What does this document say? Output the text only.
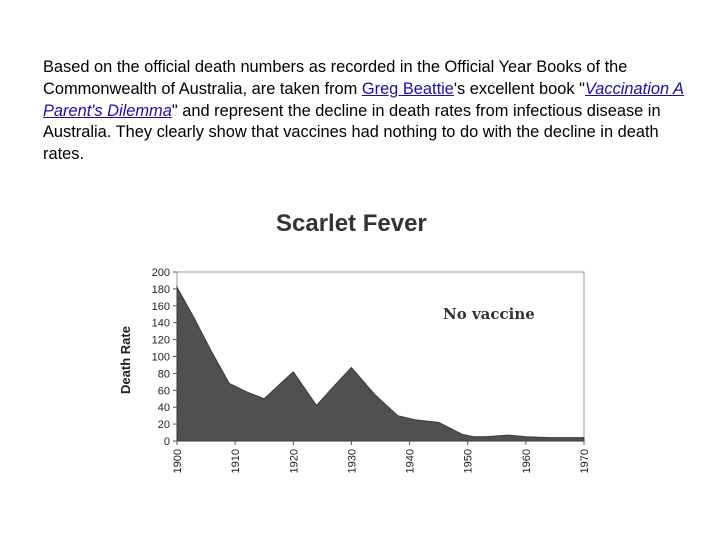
Based on the official death numbers as recorded in the Official Year Books of the Commonwealth of Australia, are taken from Greg Beattie's excellent book "Vaccination A Parent's Dilemma" and represent the decline in death rates from infectious disease in Australia. They clearly show that vaccines had nothing to do with the decline in death rates.

Scarlet Fever
Death Rate
No vaccine
0
20
40
60
80
100
120
140
160
180
200
1900	1910	1920	1930	1940	1950	1960	1970
